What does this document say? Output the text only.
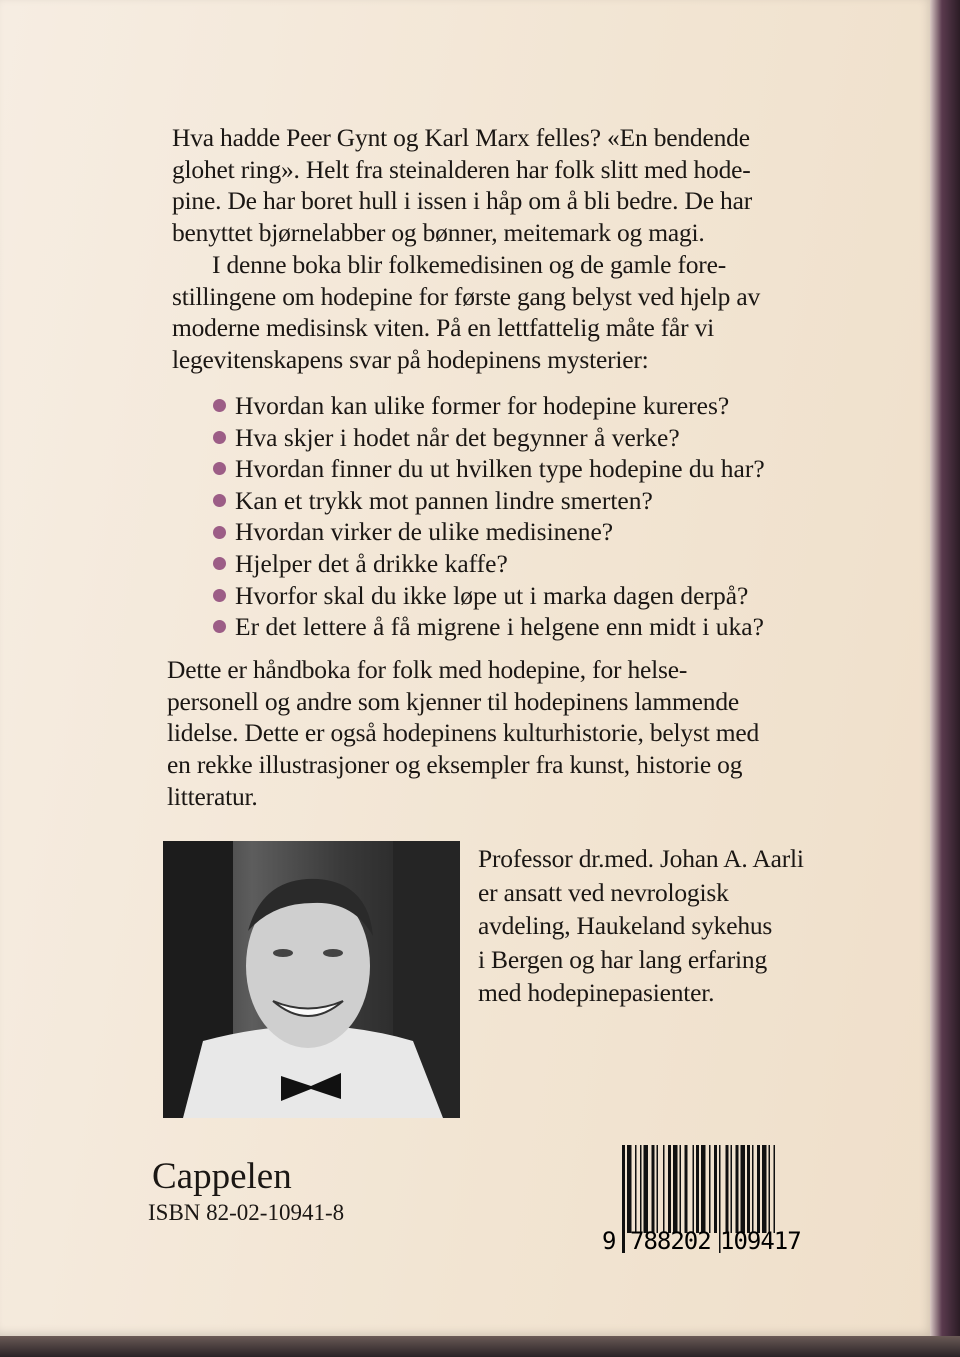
Hva hadde Peer Gynt og Karl Marx felles? «En bendende
glohet ring». Helt fra steinalderen har folk slitt med hode-
pine. De har boret hull i issen i håp om å bli bedre. De har
benyttet bjørnelabber og bønner, meitemark og magi.
I denne boka blir folkemedisinen og de gamle fore-
stillingene om hodepine for første gang belyst ved hjelp av
moderne medisinsk viten. På en lettfattelig måte får vi
legevitenskapens svar på hodepinens mysterier:
Hvordan kan ulike former for hodepine kureres?
Hva skjer i hodet når det begynner å verke?
Hvordan finner du ut hvilken type hodepine du har?
Kan et trykk mot pannen lindre smerten?
Hvordan virker de ulike medisinene?
Hjelper det å drikke kaffe?
Hvorfor skal du ikke løpe ut i marka dagen derpå?
Er det lettere å få migrene i helgene enn midt i uka?
Dette er håndboka for folk med hodepine, for helse-
personell og andre som kjenner til hodepinens lammende
lidelse. Dette er også hodepinens kulturhistorie, belyst med
en rekke illustrasjoner og eksempler fra kunst, historie og
litteratur.
Professor dr.med. Johan A. Aarli
er ansatt ved nevrologisk
avdeling, Haukeland sykehus
i Bergen og har lang erfaring
med hodepinepasienter.
Cappelen
ISBN 82-02-10941-8
9 788202 109417
